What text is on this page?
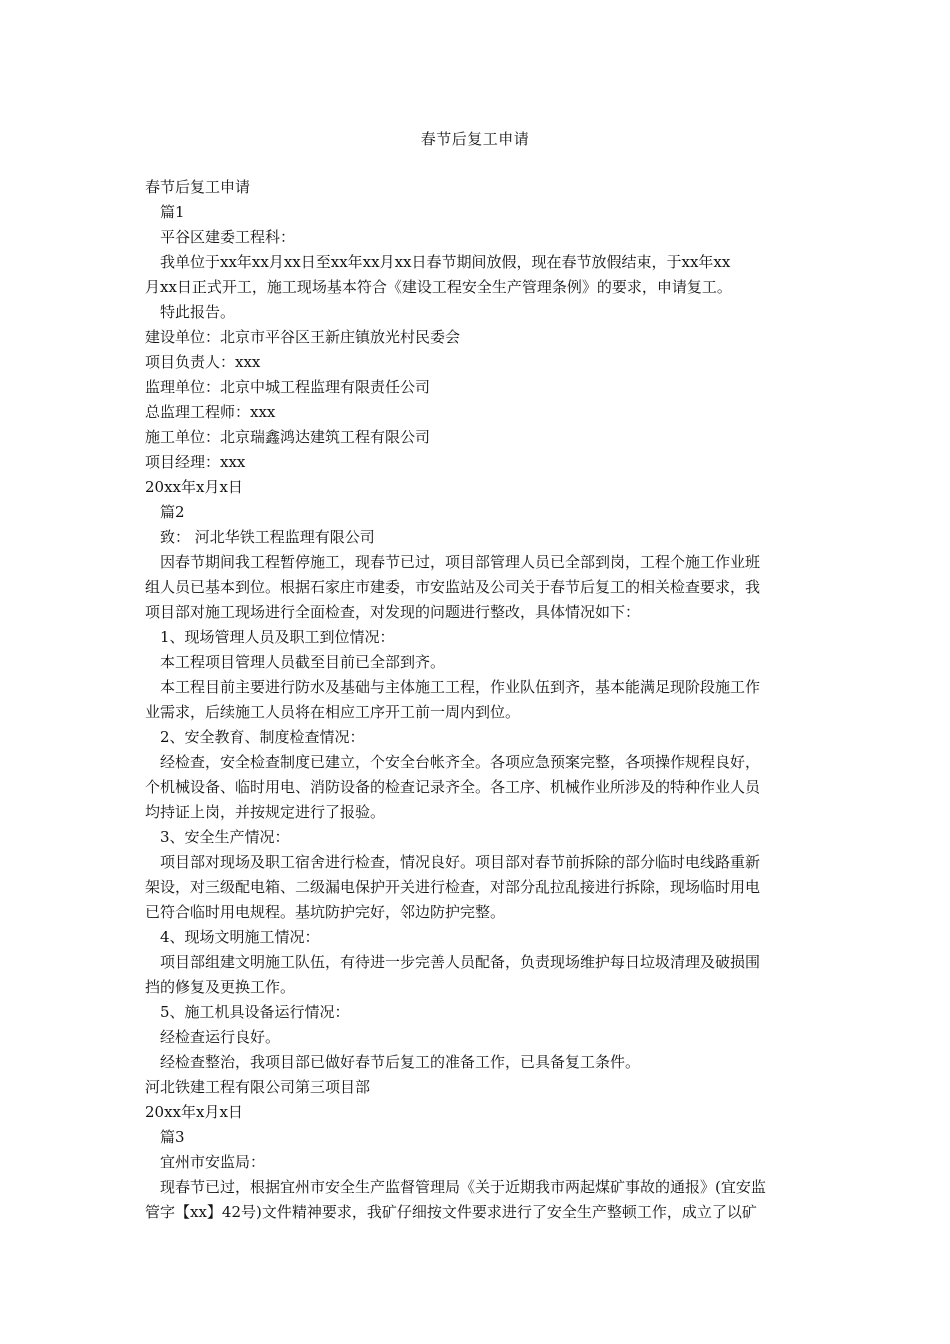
春节后复工申请
春节后复工申请
篇1
平谷区建委工程科：
我单位于xx年xx月xx日至xx年xx月xx日春节期间放假，现在春节放假结束，于xx年xx
月xx日正式开工，施工现场基本符合《建设工程安全生产管理条例》的要求，申请复工。
特此报告。
建设单位：北京市平谷区王新庄镇放光村民委会
项目负责人：xxx
监理单位：北京中城工程监理有限责任公司
总监理工程师：xxx
施工单位：北京瑞鑫鸿达建筑工程有限公司
项目经理：xxx
20xx年x月x日
篇2
致： 河北华铁工程监理有限公司
因春节期间我工程暂停施工，现春节已过，项目部管理人员已全部到岗，工程个施工作业班
组人员已基本到位。根据石家庄市建委，市安监站及公司关于春节后复工的相关检查要求，我
项目部对施工现场进行全面检查，对发现的问题进行整改，具体情况如下：
1、现场管理人员及职工到位情况：
本工程项目管理人员截至目前已全部到齐。
本工程目前主要进行防水及基础与主体施工工程，作业队伍到齐，基本能满足现阶段施工作
业需求，后续施工人员将在相应工序开工前一周内到位。
2、安全教育、制度检查情况：
经检查，安全检查制度已建立，个安全台帐齐全。各项应急预案完整，各项操作规程良好，
个机械设备、临时用电、消防设备的检查记录齐全。各工序、机械作业所涉及的特种作业人员
均持证上岗，并按规定进行了报验。
3、安全生产情况：
项目部对现场及职工宿舍进行检查，情况良好。项目部对春节前拆除的部分临时电线路重新
架设，对三级配电箱、二级漏电保护开关进行检查，对部分乱拉乱接进行拆除，现场临时用电
已符合临时用电规程。基坑防护完好，邻边防护完整。
4、现场文明施工情况：
项目部组建文明施工队伍，有待进一步完善人员配备，负责现场维护每日垃圾清理及破损围
挡的修复及更换工作。
5、施工机具设备运行情况：
经检查运行良好。
经检查整治，我项目部已做好春节后复工的准备工作，已具备复工条件。
河北铁建工程有限公司第三项目部
20xx年x月x日
篇3
宜州市安监局：
现春节已过，根据宜州市安全生产监督管理局《关于近期我市两起煤矿事故的通报》(宜安监
管字【xx】42号)文件精神要求，我矿仔细按文件要求进行了安全生产整顿工作，成立了以矿
